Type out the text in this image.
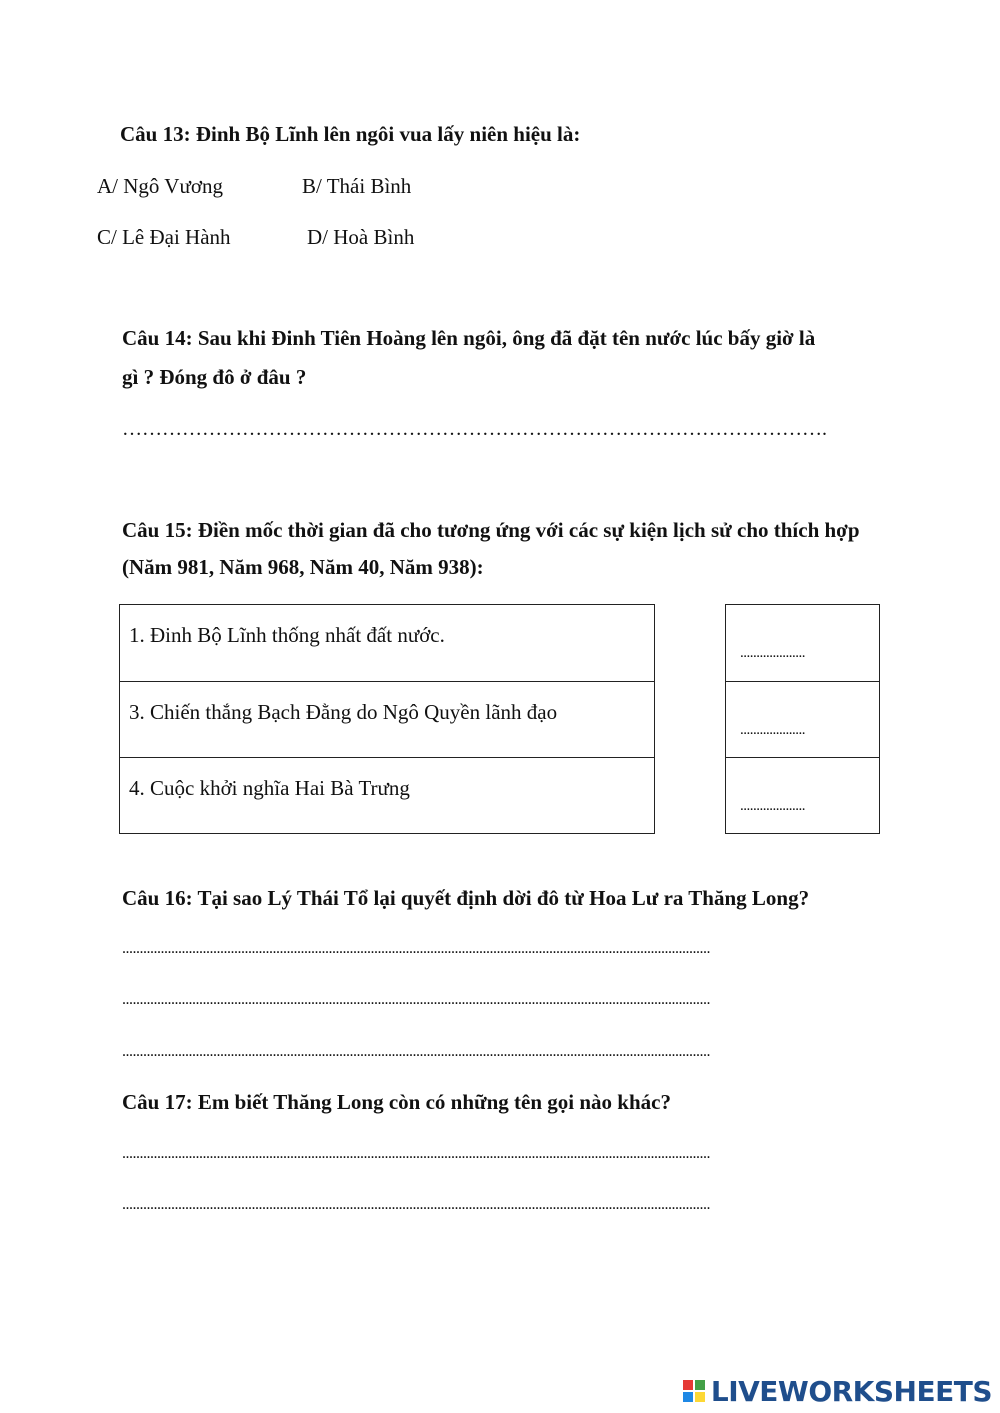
Câu 13: Đinh Bộ Lĩnh lên ngôi vua lấy niên hiệu là:
A/ Ngô Vương	B/ Thái Bình
C/ Lê Đại Hành	D/ Hoà Bình
Câu 14: Sau khi Đinh Tiên Hoàng lên ngôi, ông đã đặt tên nước lúc bấy giờ là
gì ? Đóng đô ở đâu ?
…………………………………………………………………………………………….
Câu 15: Điền mốc thời gian đã cho tương ứng với các sự kiện lịch sử cho thích hợp
(Năm 981, Năm 968, Năm 40, Năm 938):
1. Đinh Bộ Lĩnh thống nhất đất nước.
3. Chiến thắng Bạch Đằng do Ngô Quyền lãnh đạo
4. Cuộc khởi nghĩa Hai Bà Trưng
....................
....................
....................
Câu 16: Tại sao Lý Thái Tổ lại quyết định dời đô từ Hoa Lư ra Thăng Long?
........................................................................................................................................................................
........................................................................................................................................................................
........................................................................................................................................................................
Câu 17: Em biết Thăng Long còn có những tên gọi nào khác?
........................................................................................................................................................................
........................................................................................................................................................................
LIVEWORKSHEETS
